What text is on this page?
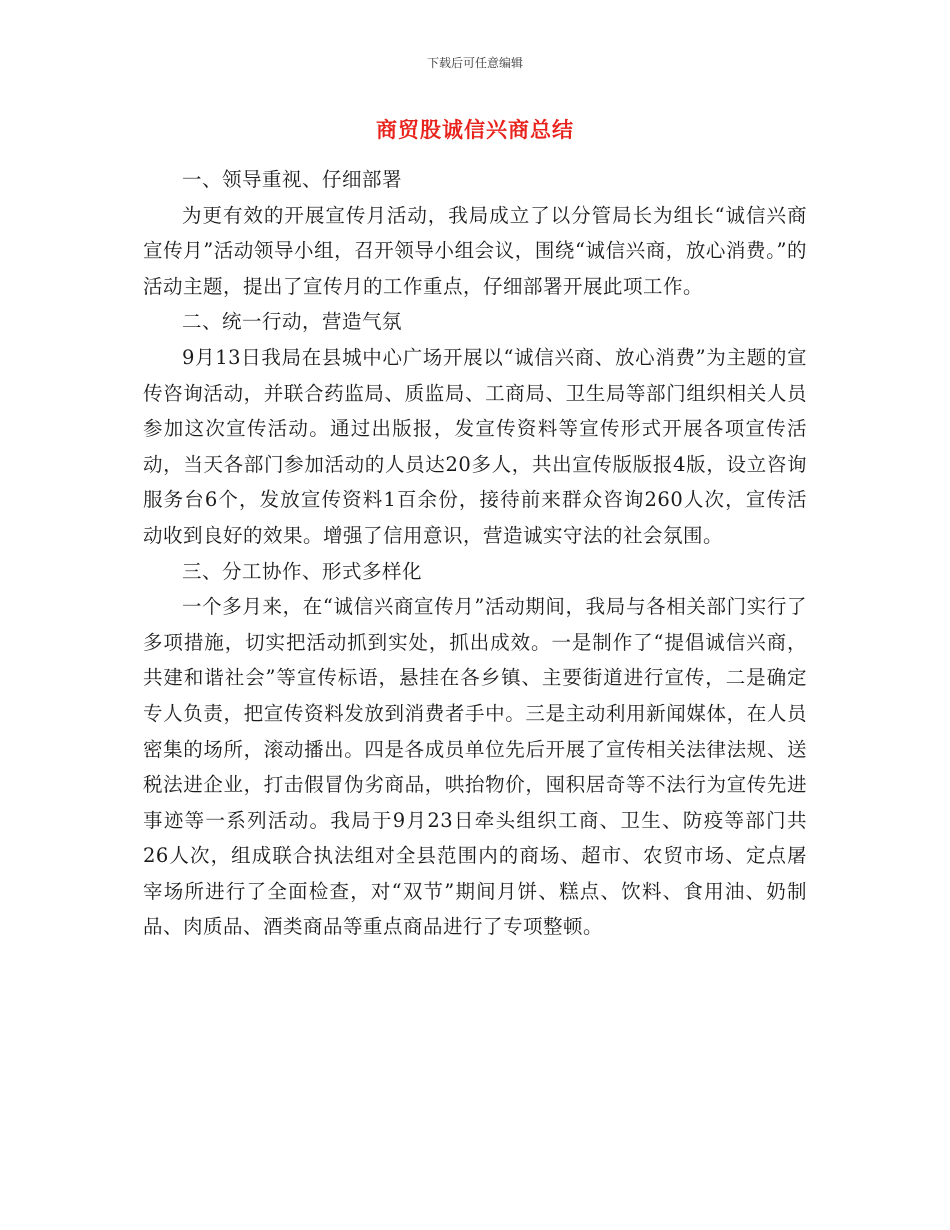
下载后可任意编辑
商贸股诚信兴商总结

一、领导重视、仔细部署

为更有效的开展宣传月活动，我局成立了以分管局长为组长“诚信兴商宣传月”活动领导小组，召开领导小组会议，围绕“诚信兴商，放心消费。”的活动主题，提出了宣传月的工作重点，仔细部署开展此项工作。

二、统一行动，营造气氛

9月13日我局在县城中心广场开展以“诚信兴商、放心消费”为主题的宣传咨询活动，并联合药监局、质监局、工商局、卫生局等部门组织相关人员参加这次宣传活动。通过出版报，发宣传资料等宣传形式开展各项宣传活动，当天各部门参加活动的人员达20多人，共出宣传版版报4版，设立咨询服务台6个，发放宣传资料1百余份，接待前来群众咨询260人次，宣传活动收到良好的效果。增强了信用意识，营造诚实守法的社会氛围。

三、分工协作、形式多样化

一个多月来，在“诚信兴商宣传月”活动期间，我局与各相关部门实行了多项措施，切实把活动抓到实处，抓出成效。一是制作了“提倡诚信兴商，共建和谐社会”等宣传标语，悬挂在各乡镇、主要街道进行宣传，二是确定专人负责，把宣传资料发放到消费者手中。三是主动利用新闻媒体，在人员密集的场所，滚动播出。四是各成员单位先后开展了宣传相关法律法规、送税法进企业，打击假冒伪劣商品，哄抬物价，囤积居奇等不法行为宣传先进事迹等一系列活动。我局于9月23日牵头组织工商、卫生、防疫等部门共26人次，组成联合执法组对全县范围内的商场、超市、农贸市场、定点屠宰场所进行了全面检查，对“双节”期间月饼、糕点、饮料、食用油、奶制品、肉质品、酒类商品等重点商品进行了专项整顿。
